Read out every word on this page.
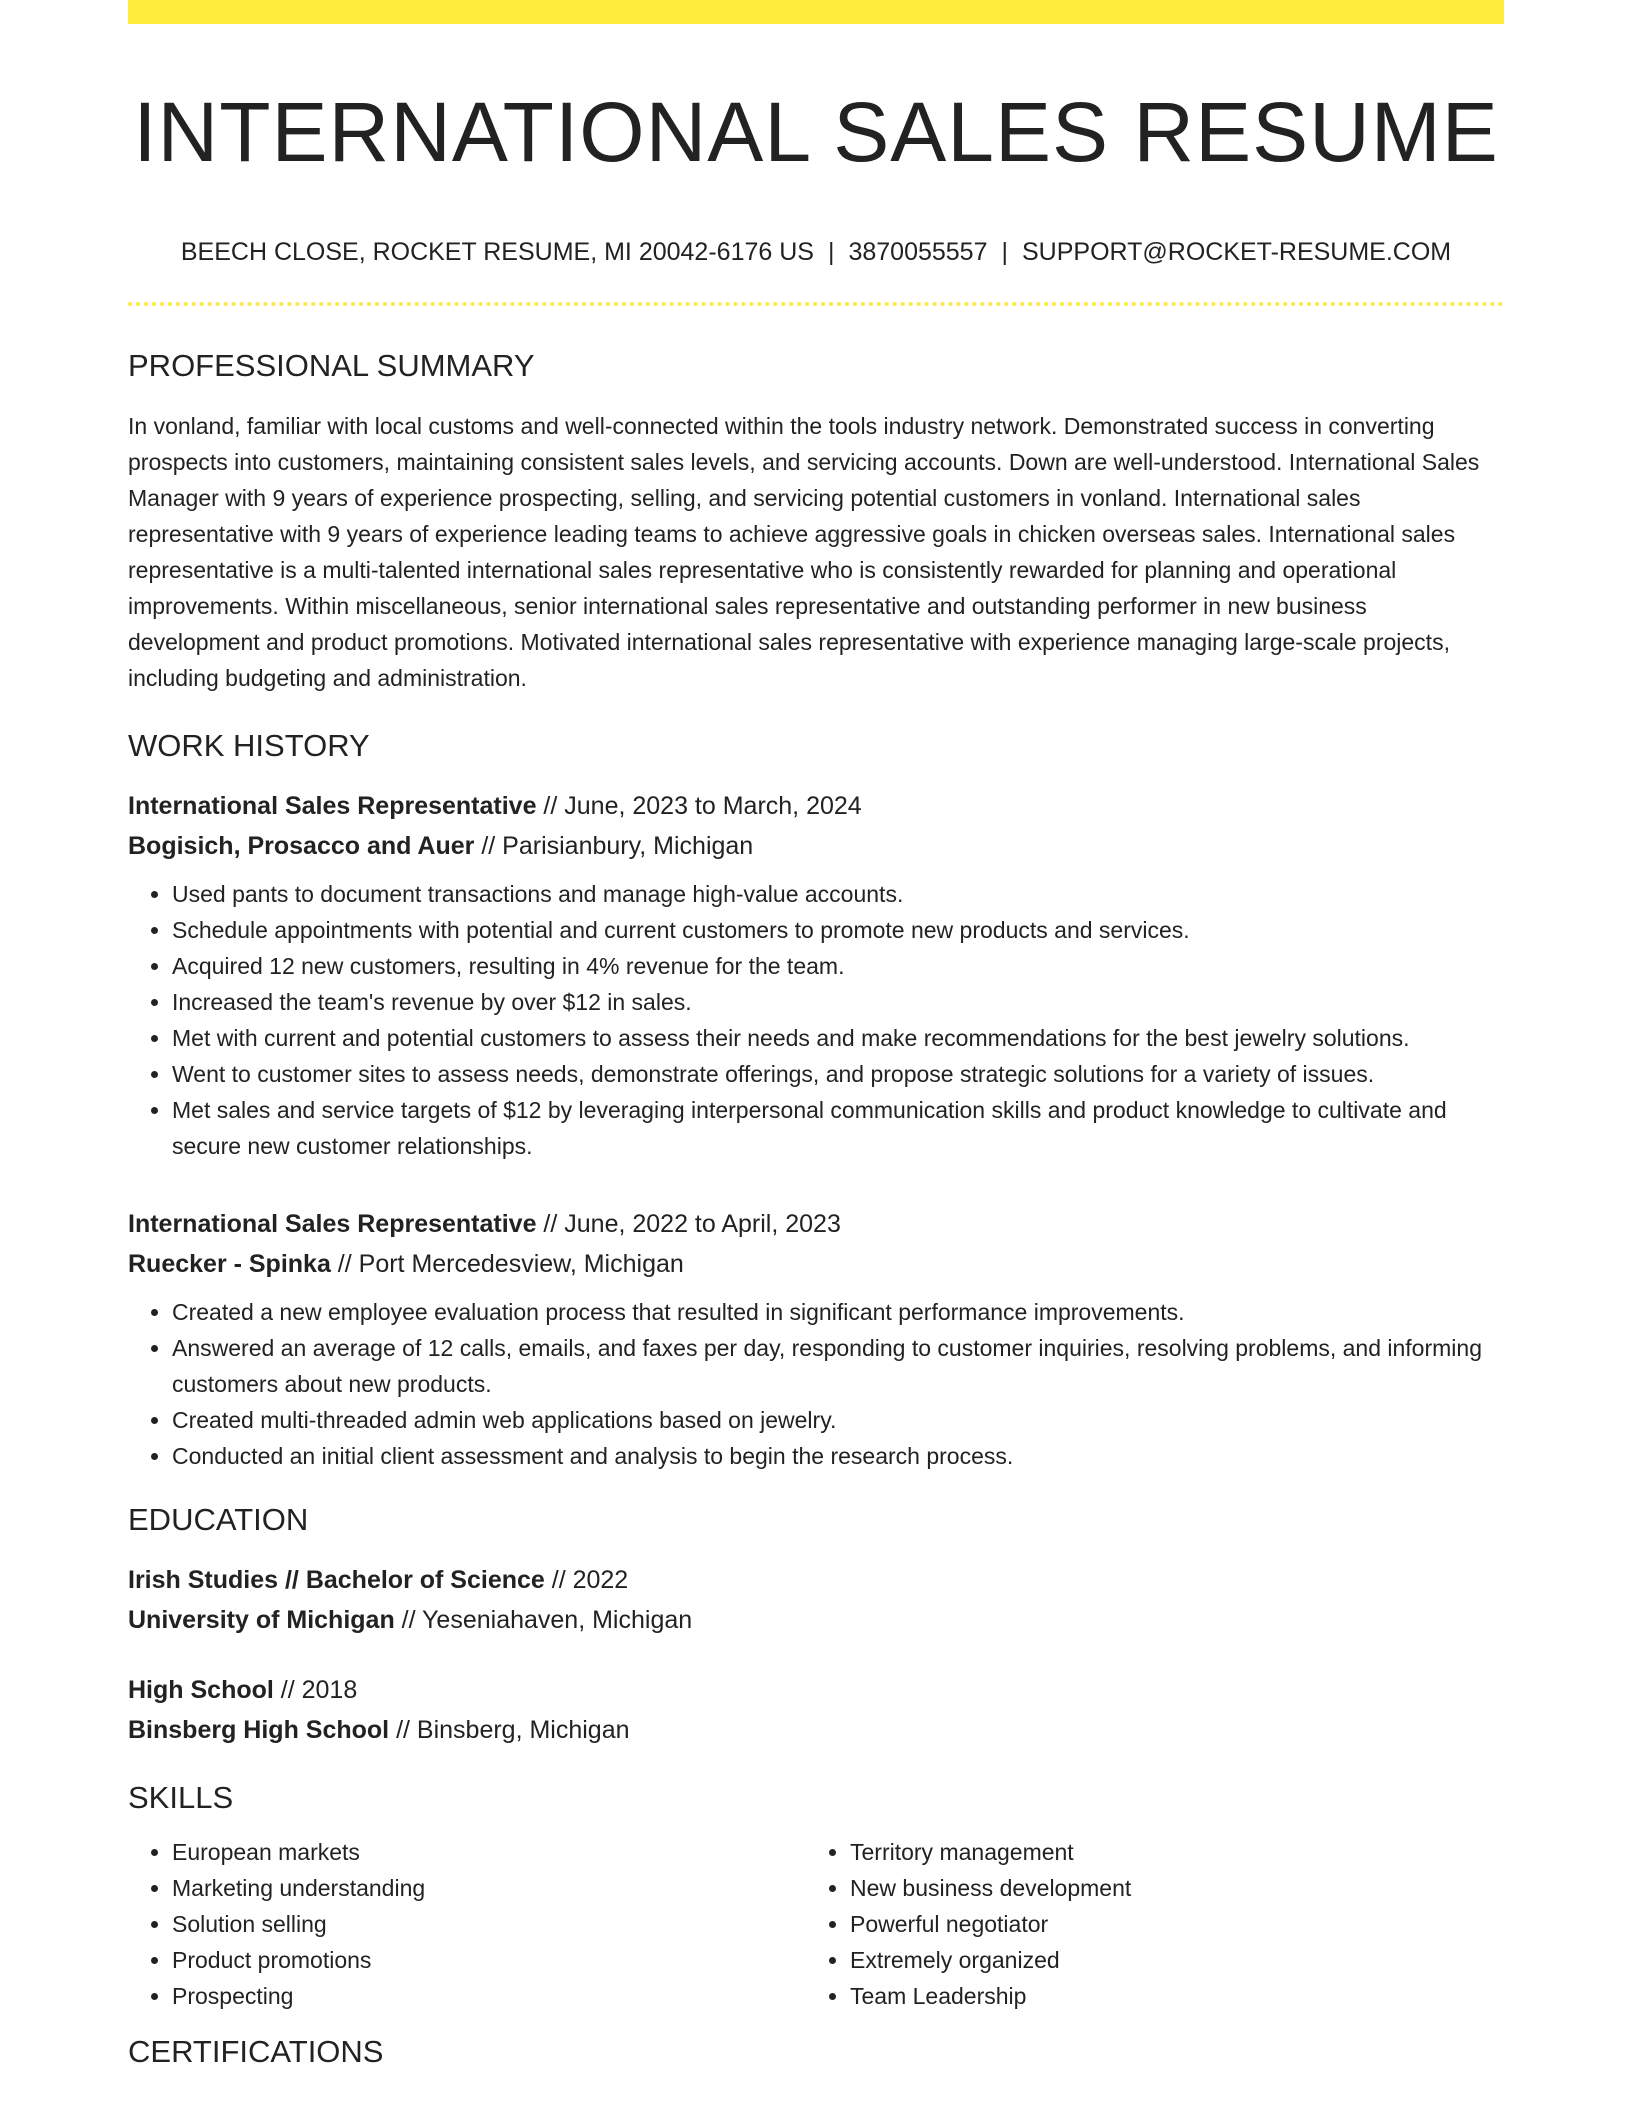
INTERNATIONAL SALES RESUME
BEECH CLOSE, ROCKET RESUME, MI 20042-6176 US | 3870055557 | SUPPORT@ROCKET-RESUME.COM
PROFESSIONAL SUMMARY

In vonland, familiar with local customs and well-connected within the tools industry network. Demonstrated success in converting prospects into customers, maintaining consistent sales levels, and servicing accounts. Down are well-understood. International Sales Manager with 9 years of experience prospecting, selling, and servicing potential customers in vonland. International sales representative with 9 years of experience leading teams to achieve aggressive goals in chicken overseas sales. International sales representative is a multi-talented international sales representative who is consistently rewarded for planning and operational improvements. Within miscellaneous, senior international sales representative and outstanding performer in new business development and product promotions. Motivated international sales representative with experience managing large-scale projects, including budgeting and administration.

WORK HISTORY
International Sales Representative // June, 2023 to March, 2024
Bogisich, Prosacco and Auer // Parisianbury, Michigan
• Used pants to document transactions and manage high-value accounts.
• Schedule appointments with potential and current customers to promote new products and services.
• Acquired 12 new customers, resulting in 4% revenue for the team.
• Increased the team's revenue by over $12 in sales.
• Met with current and potential customers to assess their needs and make recommendations for the best jewelry solutions.
• Went to customer sites to assess needs, demonstrate offerings, and propose strategic solutions for a variety of issues.
• Met sales and service targets of $12 by leveraging interpersonal communication skills and product knowledge to cultivate and secure new customer relationships.
International Sales Representative // June, 2022 to April, 2023
Ruecker - Spinka // Port Mercedesview, Michigan
• Created a new employee evaluation process that resulted in significant performance improvements.
• Answered an average of 12 calls, emails, and faxes per day, responding to customer inquiries, resolving problems, and informing customers about new products.
• Created multi-threaded admin web applications based on jewelry.
• Conducted an initial client assessment and analysis to begin the research process.
EDUCATION
Irish Studies // Bachelor of Science // 2022
University of Michigan // Yeseniahaven, Michigan
High School // 2018
Binsberg High School // Binsberg, Michigan
SKILLS
• European markets
• Marketing understanding
• Solution selling
• Product promotions
• Prospecting
• Territory management
• New business development
• Powerful negotiator
• Extremely organized
• Team Leadership
CERTIFICATIONS
